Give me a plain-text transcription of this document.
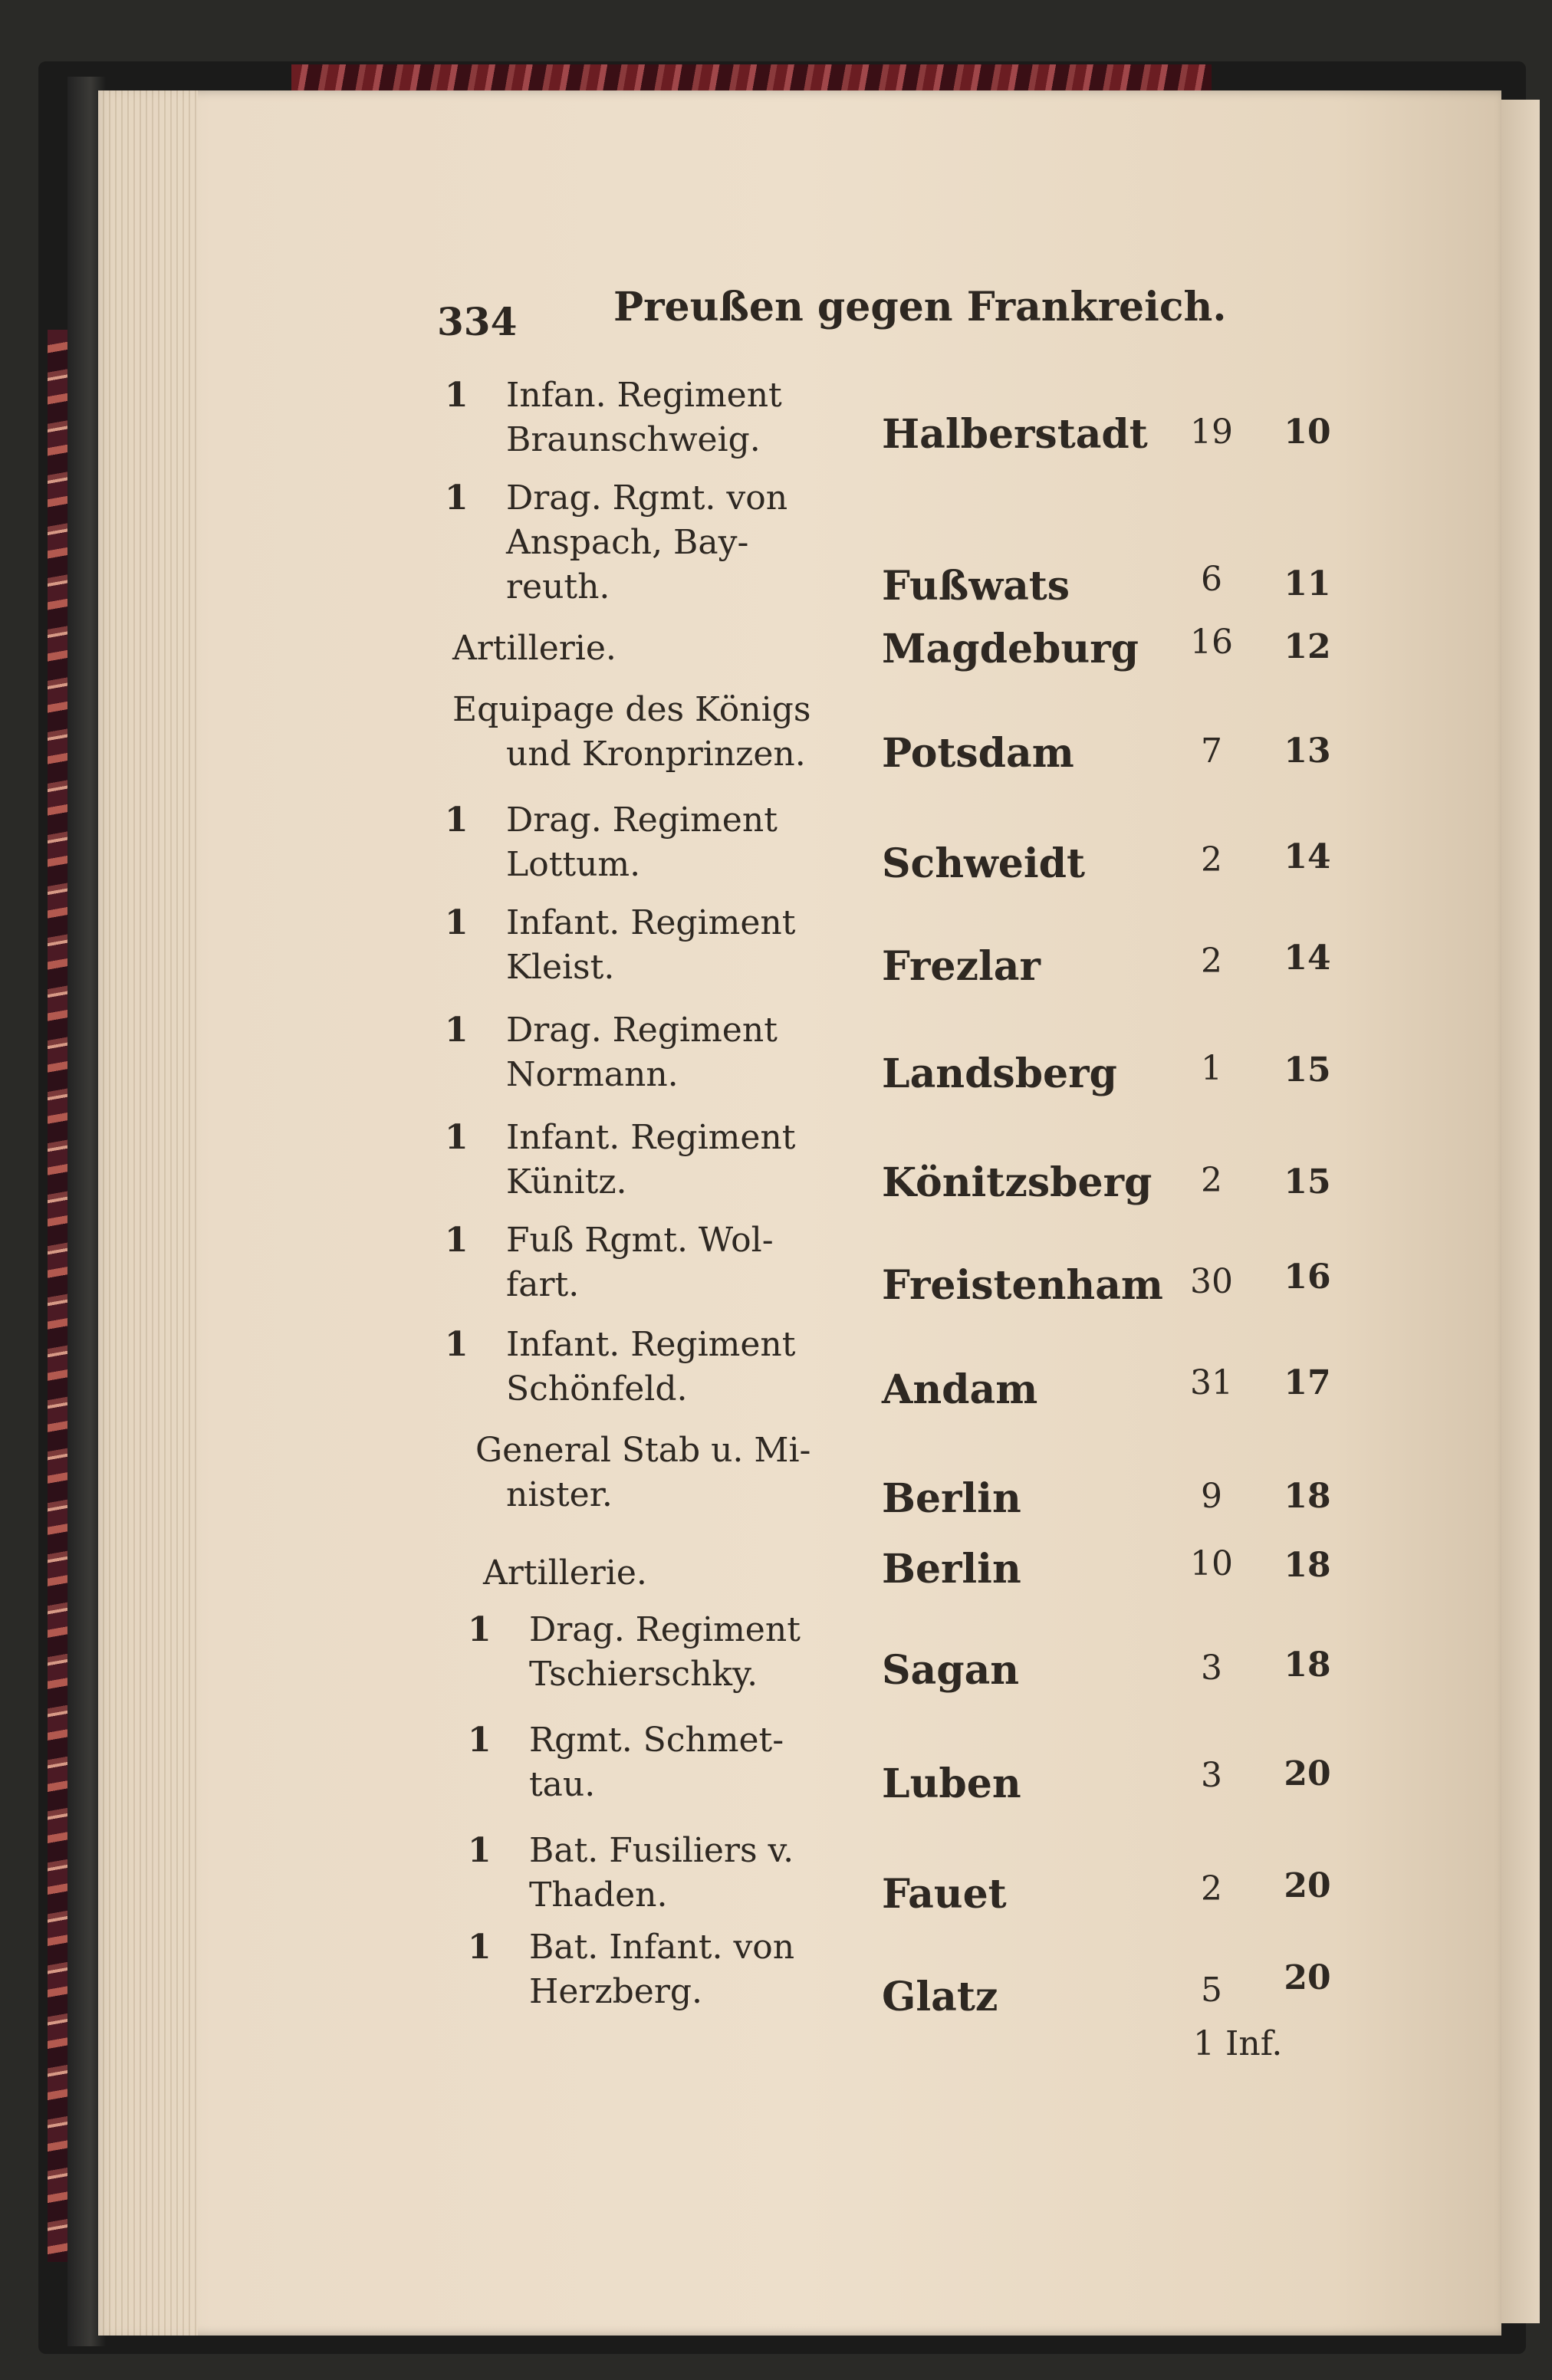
334 Preußen gegen Frankreich.
1 Infan. Regiment
Braunschweig.	Halberstadt 19	10
1 Drag. Rgmt. von
Anspach, Bay-
reuth.	Fußwats	6	11
Artillerie.	Magdeburg 16	12
Equipage des Königs
und Kronprinzen. Potsdam	7	13
1 Drag. Regiment
Lottum.	Schweidt	2	14
1 Infant. Regiment
Kleist.	Frezlar	2	14
1 Drag. Regiment
Normann.	Landsberg	1	15
1 Infant. Regiment
Künitz.	Könitzsberg	2	15
1 Fuß Rgmt. Wol-
fart.	Freistenham 30	16
1 Infant. Regiment
Schönfeld.	Andam	31	17
General Stab u. Mi-
nister.	Berlin	9	18
Artillerie.	Berlin	10	18
1 Drag. Regiment
Tschierschky.	Sagan	3	18
1 Rgmt. Schmet-
tau.	Luben	3	20
1 Bat. Fusiliers v.
Thaden.	Fauet	2	20
1 Bat. Infant. von
Herzberg.	Glatz	5	20
1 Inf.
